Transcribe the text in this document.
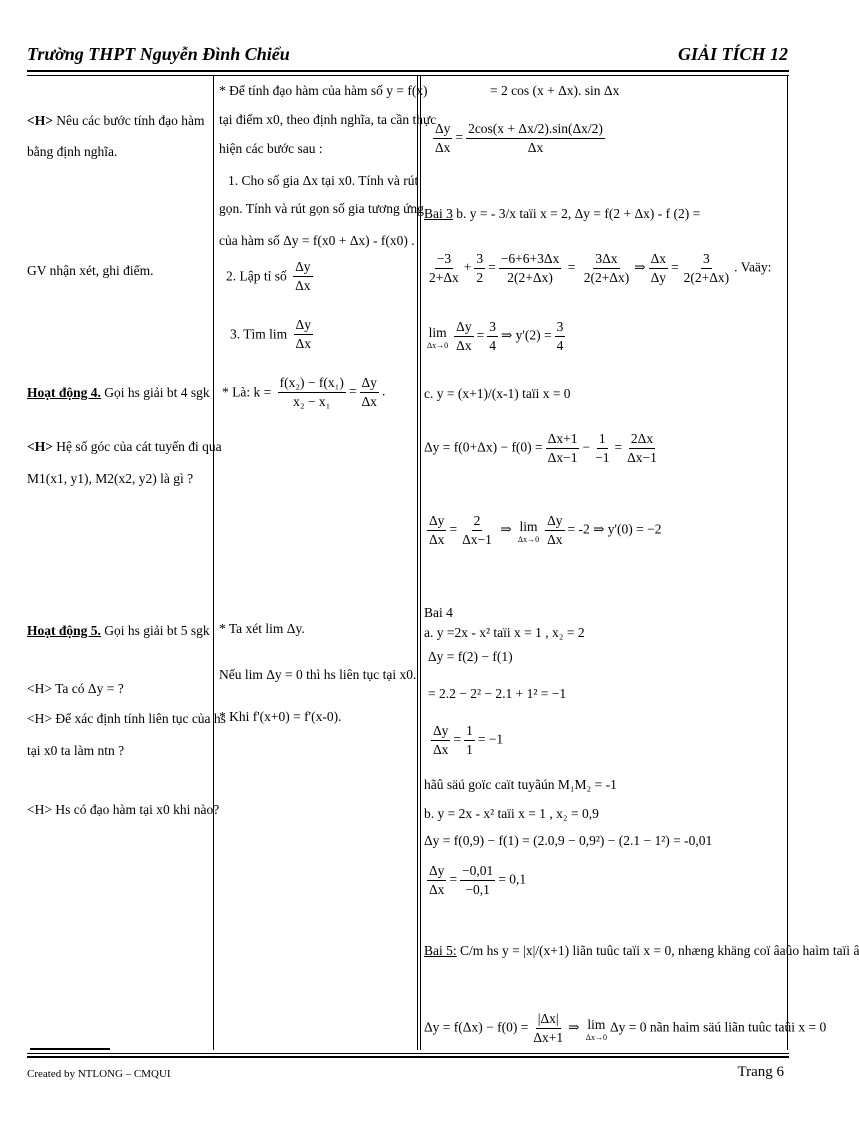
Trường THPT Nguyễn Đình Chiểu	GIẢI TÍCH 12
<H> Nêu các bước tính đạo hàm
bằng định nghĩa.
GV nhận xét, ghi điểm.
Hoạt động 4. Gọi hs giải bt 4 sgk
<H> Hệ số góc của cát tuyến đi qua
M1(x1, y1), M2(x2, y2) là gì ?
Hoạt động 5. Gọi hs giải bt 5 sgk
<H> Ta có Δy = ?
<H> Để xác định tính liên tục của hs
tại x0 ta làm ntn ?
<H> Hs có đạo hàm tại x0 khi nào?
* Để tính đạo hàm của hàm số y = f(x)
tại điểm x0, theo định nghĩa, ta cần thực
hiện các bước sau :
1. Cho số gia Δx tại x0. Tính và rút
gọn. Tính và rút gọn số gia tương ứng
của hàm số Δy = f(x0 + Δx) - f(x0) .
2. Lập tỉ số $\frac{\Delta y}{\Delta x}$
3. Tìm $\lim \frac{\Delta y}{\Delta x}$
* Là: $k = \frac{\text{f(x₂) − f(x₁)}}{\text{x₂ − x₁}} = \frac{\Delta y}{\Delta x}$ .
* Ta xét lim Δy.
Nếu lim Δy = 0 thì hs liên tục tại x0.
* Khi f'(x+0) = f'(x-0).
= 2 cos (x + Δx). sin Δx
$\frac{\Delta y}{\Delta x} = \frac{2\cos(x + \Delta x/2).\sin(\Delta x/2)}{\Delta x}$
Bai 3 b. y = - 3/x taïi x = 2, Δy = f(2 + Δx) - f (2) =
$\frac{-3}{2+\Delta x} + \frac{3}{2} = \frac{-6+6+3\Delta x}{2(2+\Delta x)} = \frac{3\Delta x}{2(2+\Delta x)}$ ⇒ $\frac{\Delta x}{\Delta y} = \frac{3}{2(2+\Delta x)}$ . Vaäy:
lim
$\Delta x\to 0 \frac{\Delta y}{\Delta x} = \frac{3}{4}$ ⇒ $y'(2) = \frac{3}{4}$
c. y = (x+1)/(x-1) taïi x = 0
$\Delta y = f(0+\Delta x) - f(0) = \frac{\Delta x+1}{\Delta x-1} - \frac{1}{-1} = \frac{2\Delta x}{\Delta x-1}$
$\frac{\Delta y}{\Delta x} = \frac{2}{\Delta x-1}$ ⇒ lim
$\Delta x\to 0 \frac{\Delta y}{\Delta x} = -2$ ⇒ y'(0) = −2
Bai 4
a. y =2x - x² taïi x = 1 , x₂ = 2
Δy = f(2) − f(1)
= 2.2 − 2² − 2.1 + 1² = −1
$\frac{\Delta y}{\Delta x} = \frac{1}{1} = -1$
hãû säú goïc caït tuyãún M₁M₂ = -1
b. y = 2x - x² taïi x = 1 , x₂ = 0,9
Δy = f(0,9) − f(1) = (2.0,9 − 0,9²) − (2.1 − 1²) = -0,01
$\frac{\Delta y}{\Delta x} = \frac{-0,01}{-0,1} = 0,1$
Bai 5: C/m hs y = |x|/(x+1) liãn tuûc taïi x = 0, nhæng khäng coï âaûo haìm taïi â
$\Delta y = f(\Delta x) - f(0) = \frac{|\Delta x|}{\Delta x+1}$ ⇒ lim
Δx→0
Δy = 0 nãn haìm säú liãn tuûc taûi x = 0
Created by NTLONG – CMQUI	Trang 6
